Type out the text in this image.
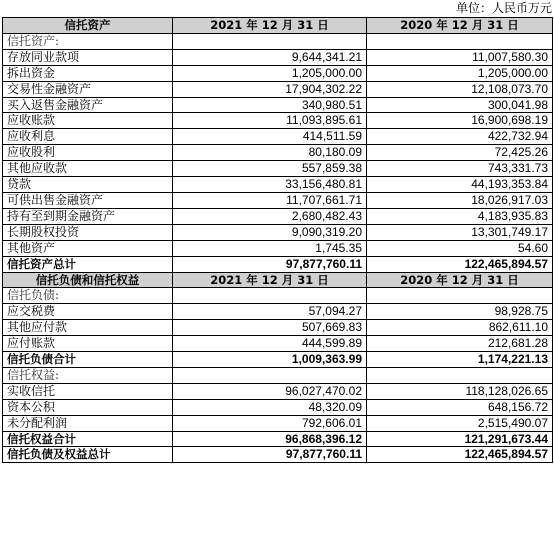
单位：人民币万元
信托资产	2021 年 12 月 31 日	2020 年 12 月 31 日
信托资产:		
存放同业款项	9,644,341.21	11,007,580.30
拆出资金	1,205,000.00	1,205,000.00
交易性金融资产	17,904,302.22	12,108,073.70
买入返售金融资产	340,980.51	300,041.98
应收账款	11,093,895.61	16,900,698.19
应收利息	414,511.59	422,732.94
应收股利	80,180.09	72,425.26
其他应收款	557,859.38	743,331.73
贷款	33,156,480.81	44,193,353.84
可供出售金融资产	11,707,661.71	18,026,917.03
持有至到期金融资产	2,680,482.43	4,183,935.83
长期股权投资	9,090,319.20	13,301,749.17
其他资产	1,745.35	54.60
信托资产总计	97,877,760.11	122,465,894.57
信托负债和信托权益	2021 年 12 月 31 日	2020 年 12 月 31 日
信托负债:		
应交税费	57,094.27	98,928.75
其他应付款	507,669.83	862,611.10
应付账款	444,599.89	212,681.28
信托负债合计	1,009,363.99	1,174,221.13
信托权益:		
实收信托	96,027,470.02	118,128,026.65
资本公积	48,320.09	648,156.72
未分配利润	792,606.01	2,515,490.07
信托权益合计	96,868,396.12	121,291,673.44
信托负债及权益总计	97,877,760.11	122,465,894.57
